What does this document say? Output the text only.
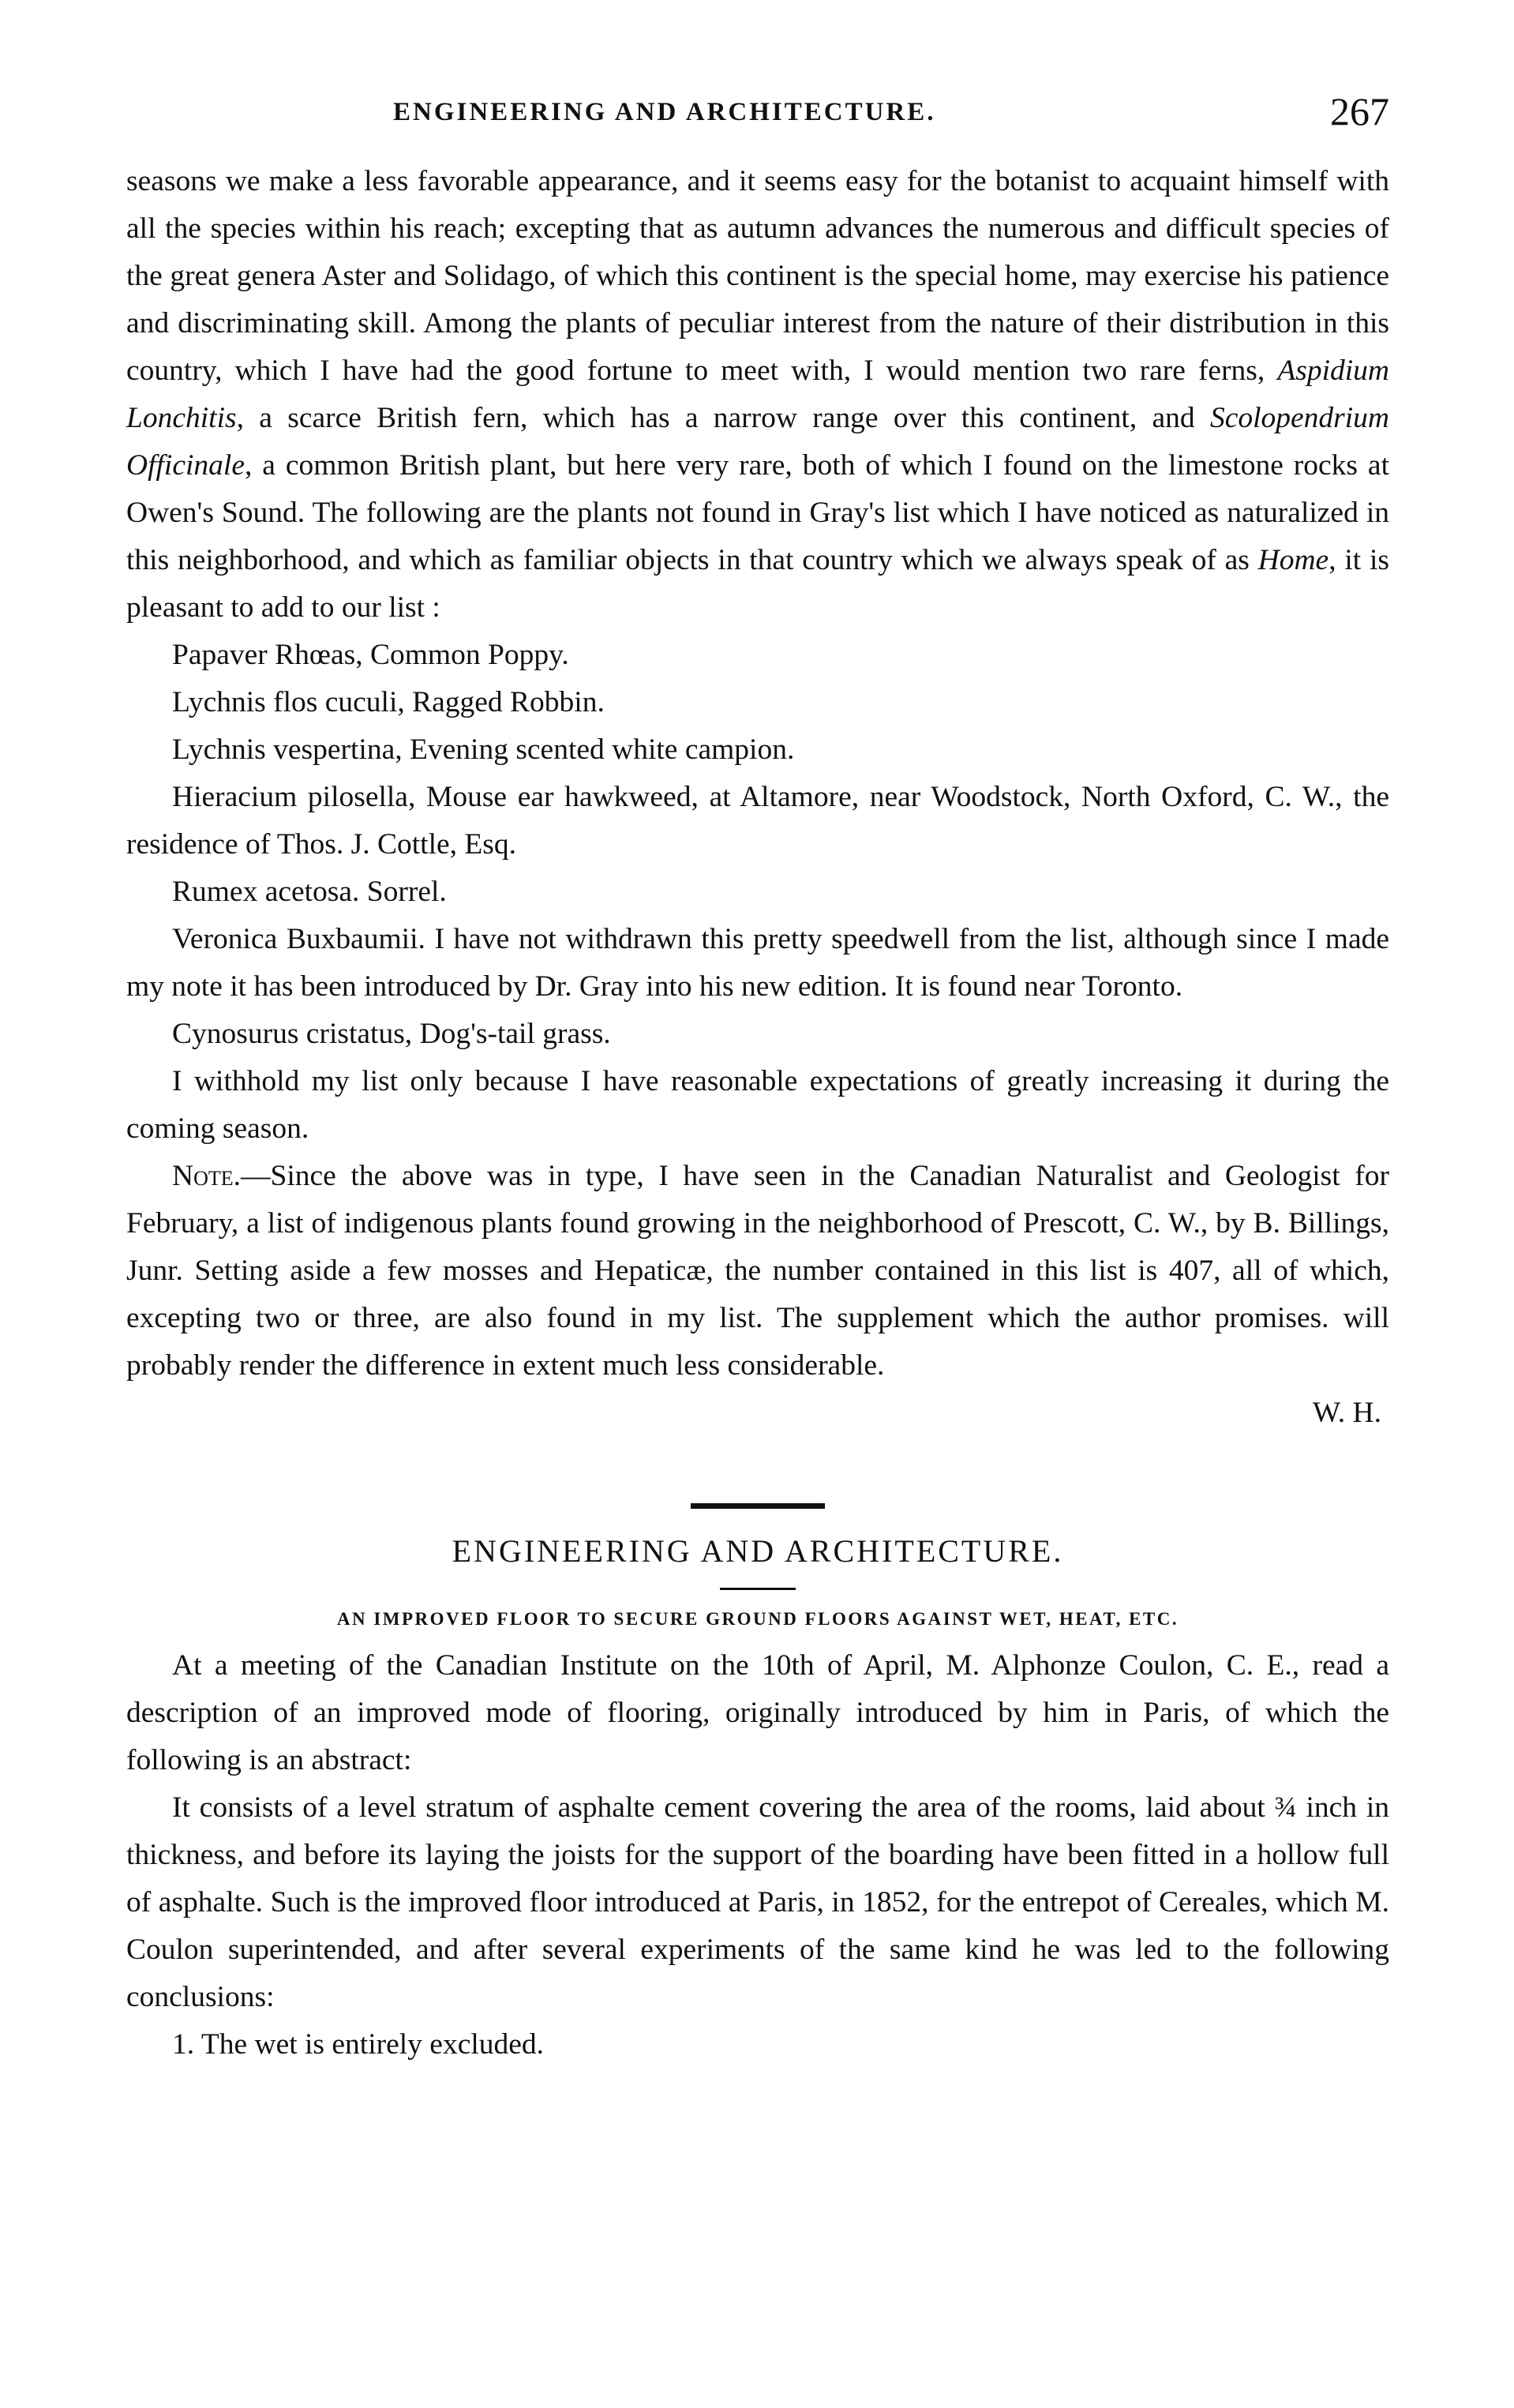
ENGINEERING AND ARCHITECTURE.	267

seasons we make a less favorable appearance, and it seems easy for the botanist to acquaint himself with all the species within his reach; excepting that as autumn advances the numerous and difficult species of the great genera Aster and Solidago, of which this continent is the special home, may exercise his patience and discriminating skill. Among the plants of peculiar interest from the nature of their distribution in this country, which I have had the good fortune to meet with, I would mention two rare ferns, Aspidium Lonchitis, a scarce British fern, which has a narrow range over this continent, and Scolopendrium Officinale, a common British plant, but here very rare, both of which I found on the limestone rocks at Owen's Sound. The following are the plants not found in Gray's list which I have noticed as naturalized in this neighborhood, and which as familiar objects in that country which we always speak of as Home, it is pleasant to add to our list :

Papaver Rhœas, Common Poppy.

Lychnis flos cuculi, Ragged Robbin.

Lychnis vespertina, Evening scented white campion.

Hieracium pilosella, Mouse ear hawkweed, at Altamore, near Woodstock, North Oxford, C. W., the residence of Thos. J. Cottle, Esq.

Rumex acetosa. Sorrel.

Veronica Buxbaumii. I have not withdrawn this pretty speedwell from the list, although since I made my note it has been introduced by Dr. Gray into his new edition. It is found near Toronto.

Cynosurus cristatus, Dog's-tail grass.

I withhold my list only because I have reasonable expectations of greatly increasing it during the coming season.

Note.—Since the above was in type, I have seen in the Canadian Naturalist and Geologist for February, a list of indigenous plants found growing in the neighborhood of Prescott, C. W., by B. Billings, Junr. Setting aside a few mosses and Hepaticæ, the number contained in this list is 407, all of which, excepting two or three, are also found in my list. The supplement which the author promises. will probably render the difference in extent much less considerable.

W. H.

ENGINEERING AND ARCHITECTURE.
AN IMPROVED FLOOR TO SECURE GROUND FLOORS AGAINST WET, HEAT, ETC.

At a meeting of the Canadian Institute on the 10th of April, M. Alphonze Coulon, C. E., read a description of an improved mode of flooring, originally introduced by him in Paris, of which the following is an abstract:

It consists of a level stratum of asphalte cement covering the area of the rooms, laid about ¾ inch in thickness, and before its laying the joists for the support of the boarding have been fitted in a hollow full of asphalte. Such is the improved floor introduced at Paris, in 1852, for the entrepot of Cereales, which M. Coulon superintended, and after several experiments of the same kind he was led to the following conclusions:

1. The wet is entirely excluded.
